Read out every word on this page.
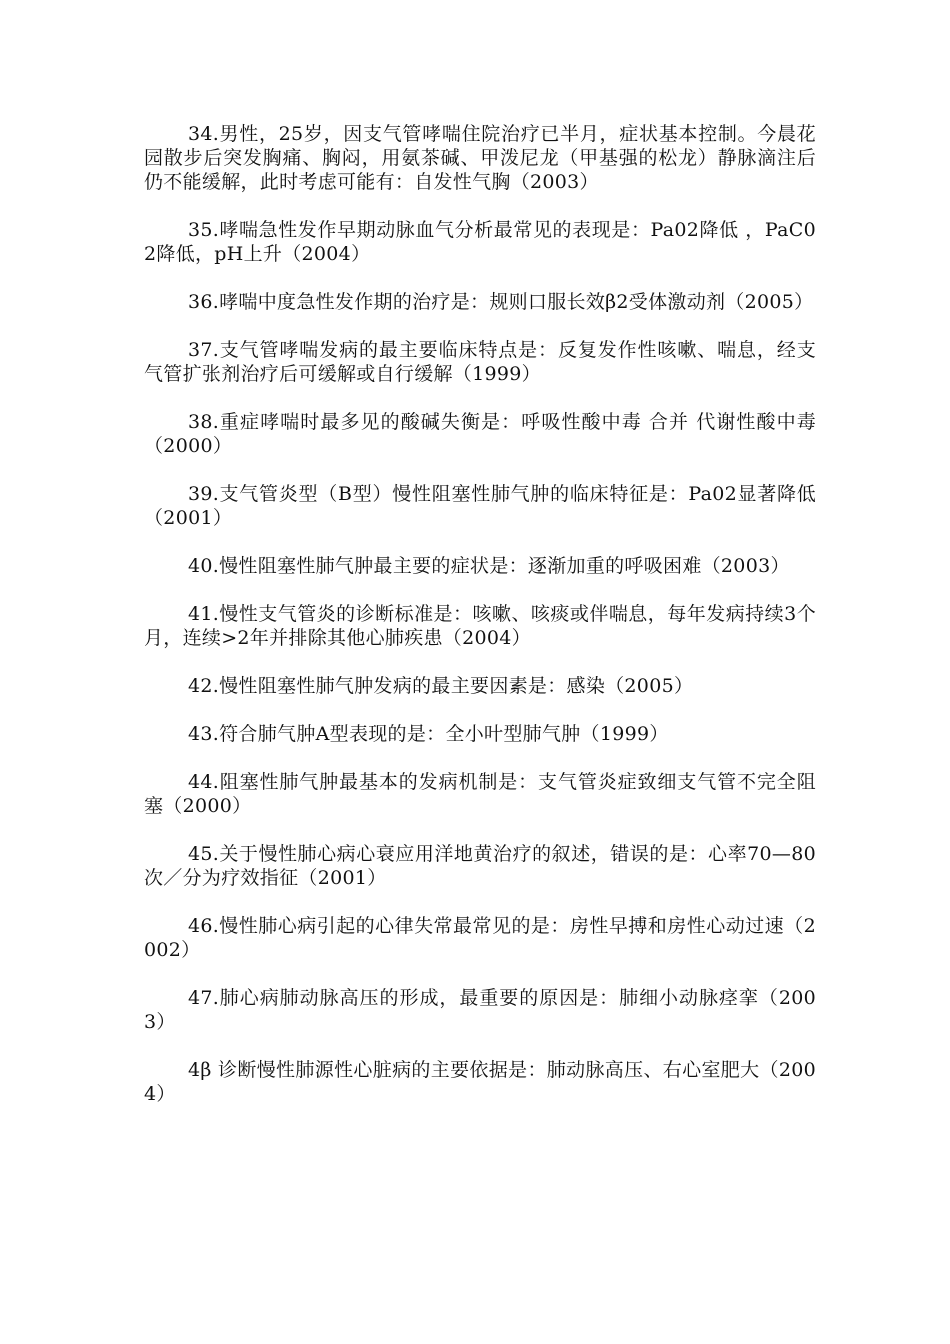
34.男性，25岁，因支气管哮喘住院治疗已半月，症状基本控制。今晨花园散步后突发胸痛、胸闷，用氨茶碱、甲泼尼龙（甲基强的松龙）静脉滴注后仍不能缓解，此时考虑可能有：自发性气胸（2003）

35.哮喘急性发作早期动脉血气分析最常见的表现是：Pa02降低 ，PaC02降低，pH上升（2004）

36.哮喘中度急性发作期的治疗是：规则口服长效β2受体激动剂（2005）

37.支气管哮喘发病的最主要临床特点是：反复发作性咳嗽、喘息，经支气管扩张剂治疗后可缓解或自行缓解（1999）

38.重症哮喘时最多见的酸碱失衡是：呼吸性酸中毒 合并 代谢性酸中毒（2000）

39.支气管炎型（B型）慢性阻塞性肺气肿的临床特征是：Pa02显著降低（2001）

40.慢性阻塞性肺气肿最主要的症状是：逐渐加重的呼吸困难（2003）

41.慢性支气管炎的诊断标准是：咳嗽、咳痰或伴喘息，每年发病持续3个月，连续>2年并排除其他心肺疾患（2004）

42.慢性阻塞性肺气肿发病的最主要因素是：感染（2005）

43.符合肺气肿A型表现的是：全小叶型肺气肿（1999）

44.阻塞性肺气肿最基本的发病机制是：支气管炎症致细支气管不完全阻塞（2000）

45.关于慢性肺心病心衰应用洋地黄治疗的叙述，错误的是：心率70—80次／分为疗效指征（2001）

46.慢性肺心病引起的心律失常最常见的是：房性早搏和房性心动过速（2002）

47.肺心病肺动脉高压的形成，最重要的原因是：肺细小动脉痉挛（2003）

4β 诊断慢性肺源性心脏病的主要依据是：肺动脉高压、右心室肥大（2004）
